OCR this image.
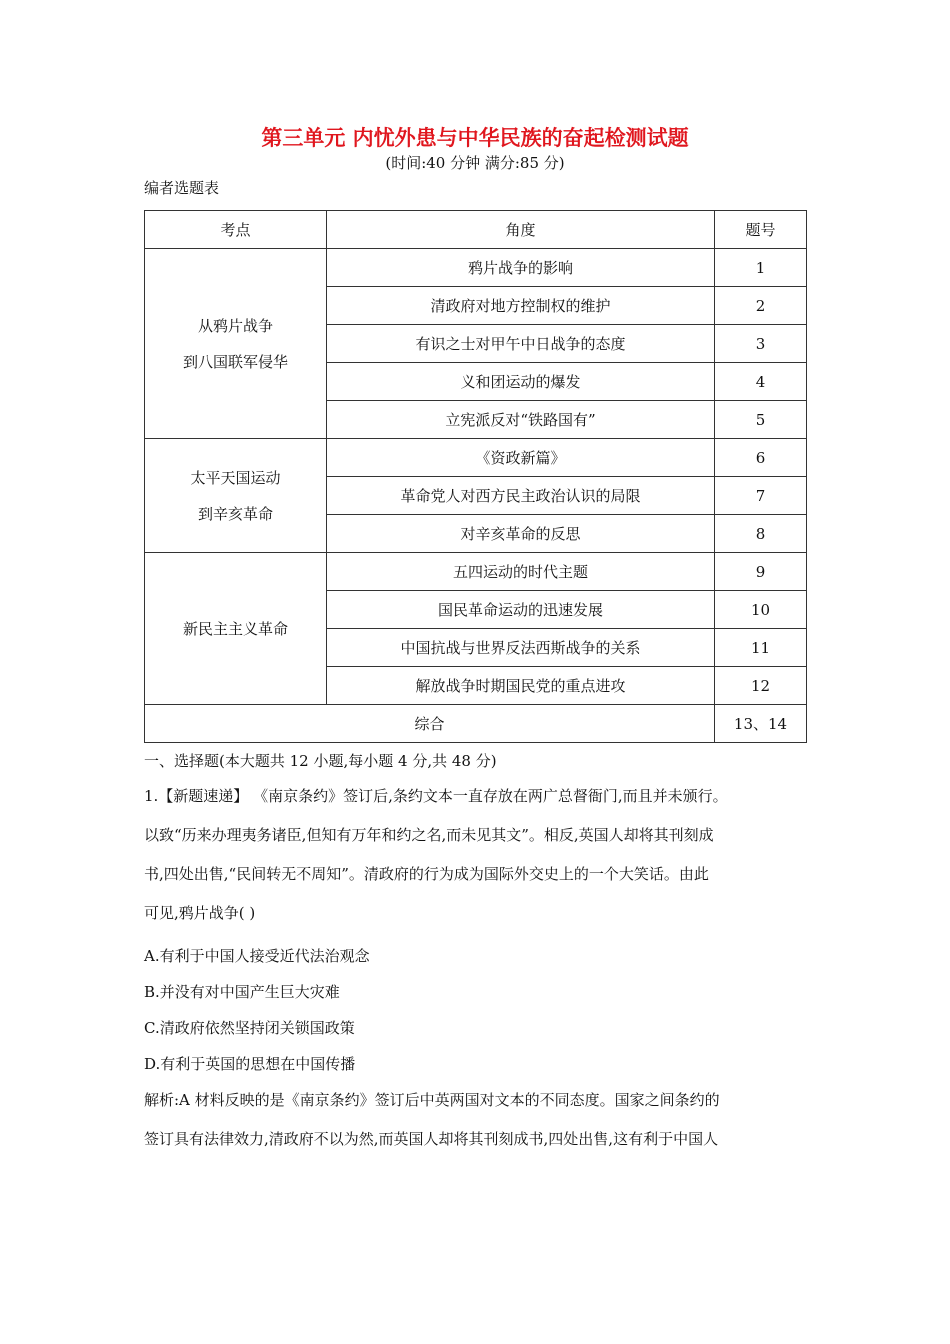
第三单元 内忧外患与中华民族的奋起检测试题
(时间:40 分钟 满分:85 分)
编者选题表
考点	角度	题号

从鸦片战争
到八国联军侵华	鸦片战争的影响	1
	清政府对地方控制权的维护	2
	有识之士对甲午中日战争的态度	3
	义和团运动的爆发	4
	立宪派反对“铁路国有”	5

太平天国运动
到辛亥革命	《资政新篇》	6
	革命党人对西方民主政治认识的局限	7
	对辛亥革命的反思	8

新民主主义革命	五四运动的时代主题	9
	国民革命运动的迅速发展	10
	中国抗战与世界反法西斯战争的关系	11
	解放战争时期国民党的重点进攻	12
综合		13、14
一、选择题(本大题共 12 小题,每小题 4 分,共 48 分)
1.【新题速递】 《南京条约》签订后,条约文本一直存放在两广总督衙门,而且并未颁行。
以致“历来办理夷务诸臣,但知有万年和约之名,而未见其文”。相反,英国人却将其刊刻成
书,四处出售,“民间转无不周知”。清政府的行为成为国际外交史上的一个大笑话。由此
可见,鸦片战争( )
A.有利于中国人接受近代法治观念
B.并没有对中国产生巨大灾难
C.清政府依然坚持闭关锁国政策
D.有利于英国的思想在中国传播
解析:A 材料反映的是《南京条约》签订后中英两国对文本的不同态度。国家之间条约的
签订具有法律效力,清政府不以为然,而英国人却将其刊刻成书,四处出售,这有利于中国人
